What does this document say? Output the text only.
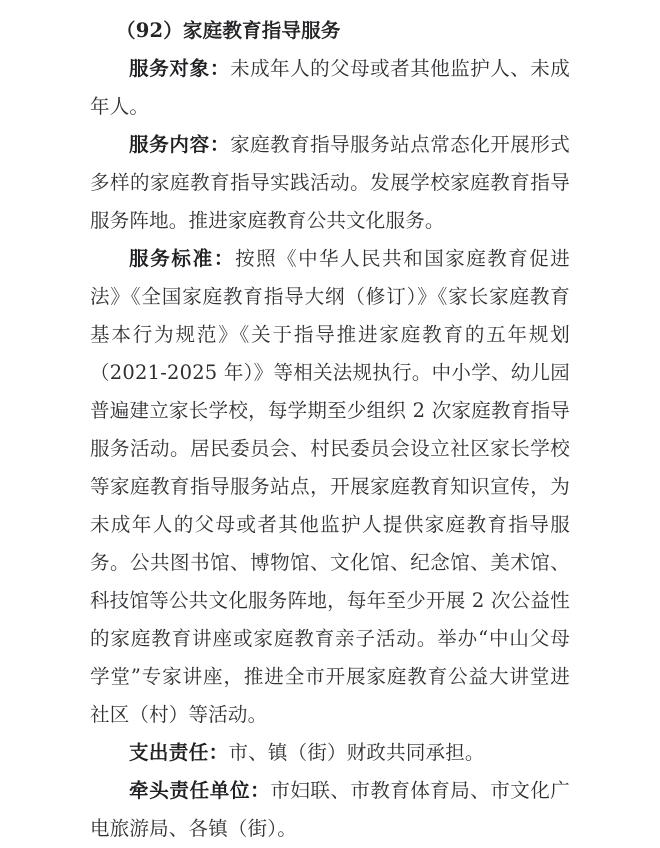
（92）家庭教育指导服务

服务对象：未成年人的父母或者其他监护人、未成年人。

服务内容：家庭教育指导服务站点常态化开展形式多样的家庭教育指导实践活动。发展学校家庭教育指导服务阵地。推进家庭教育公共文化服务。

服务标准：按照《中华人民共和国家庭教育促进法》《全国家庭教育指导大纲（修订）》《家长家庭教育基本行为规范》《关于指导推进家庭教育的五年规划（2021-2025 年）》等相关法规执行。中小学、幼儿园普遍建立家长学校，每学期至少组织 2 次家庭教育指导服务活动。居民委员会、村民委员会设立社区家长学校等家庭教育指导服务站点，开展家庭教育知识宣传，为未成年人的父母或者其他监护人提供家庭教育指导服务。公共图书馆、博物馆、文化馆、纪念馆、美术馆、科技馆等公共文化服务阵地，每年至少开展 2 次公益性的家庭教育讲座或家庭教育亲子活动。举办“中山父母学堂”专家讲座，推进全市开展家庭教育公益大讲堂进社区（村）等活动。

支出责任：市、镇（街）财政共同承担。

牵头责任单位：市妇联、市教育体育局、市文化广电旅游局、各镇（街）。
